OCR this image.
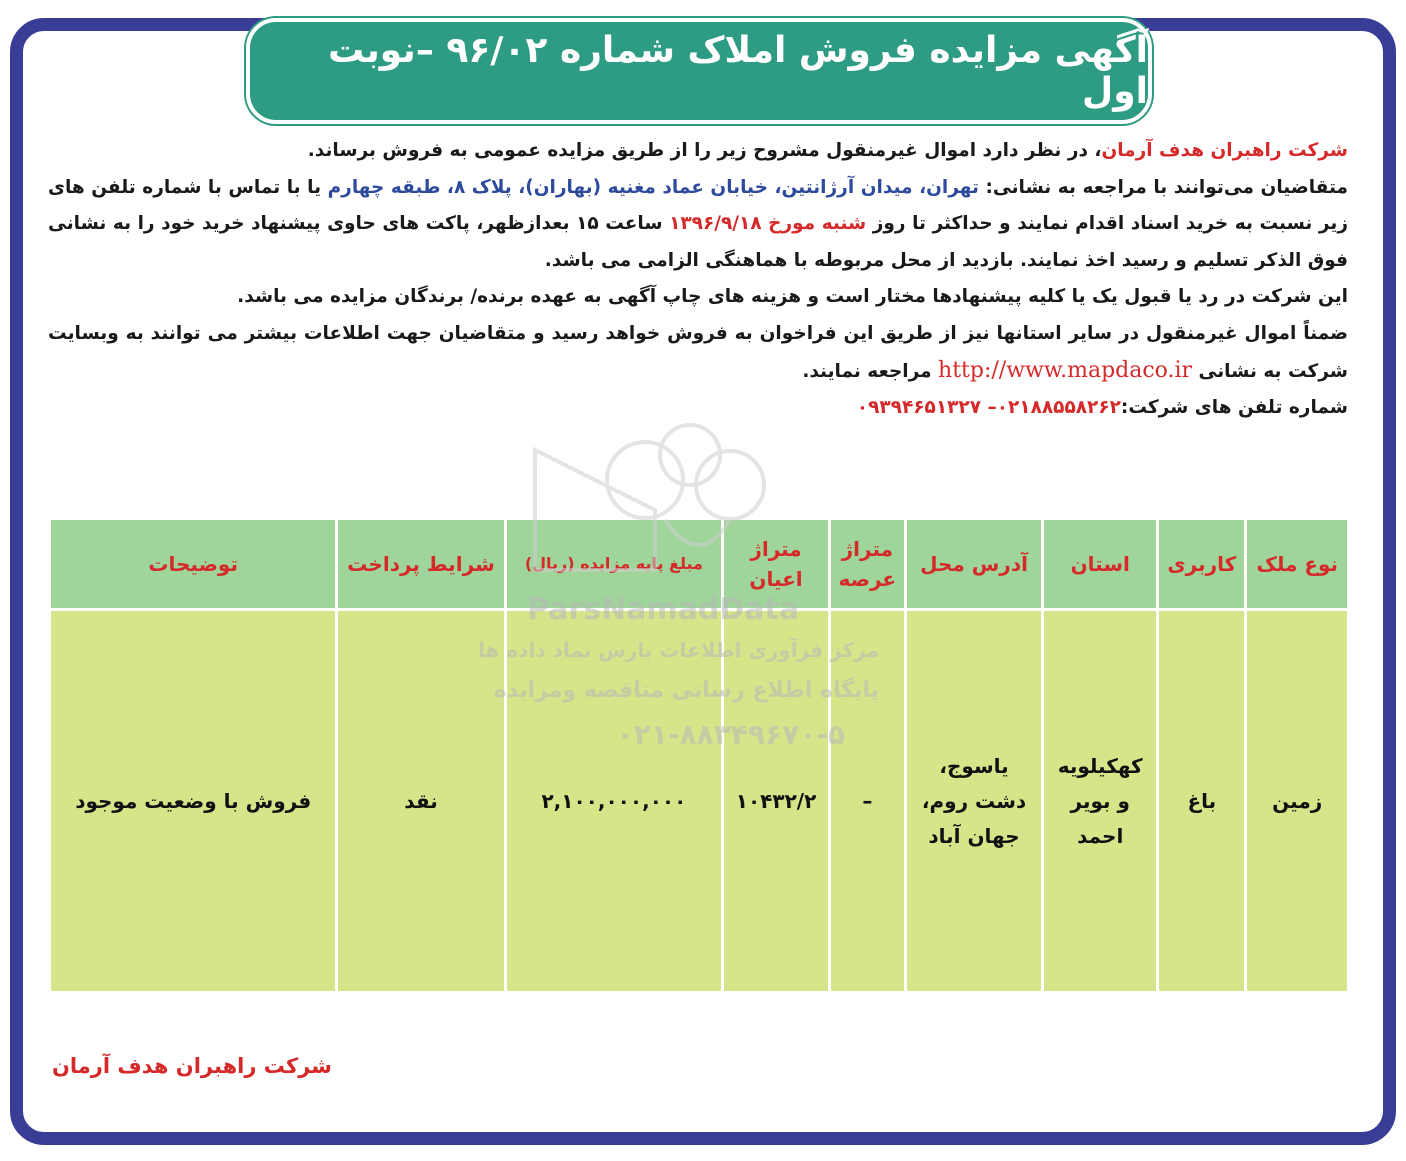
آگهی مزایده فروش املاک شماره ۹۶/۰۲ –نوبت اول

شرکت راهبران هدف آرمان، در نظر دارد اموال غیرمنقول مشروح زیر را از طریق مزایده عمومی به فروش برساند.

متقاضیان می‌توانند با مراجعه به نشانی: تهران، میدان آرژانتین، خیابان عماد مغنیه (بهاران)، پلاک ۸، طبقه چهارم یا با تماس با شماره تلفن های زیر نسبت به خرید اسناد اقدام نمایند و حداکثر تا روز شنبه مورخ ۱۳۹۶/۹/۱۸ ساعت ۱۵ بعدازظهر، پاکت های حاوی پیشنهاد خرید خود را به نشانی فوق الذکر تسلیم و رسید اخذ نمایند. بازدید از محل مربوطه با هماهنگی الزامی می باشد.

این شرکت در رد یا قبول یک یا کلیه پیشنهادها مختار است و هزینه های چاپ آگهی به عهده برنده/ برندگان مزایده می باشد.

ضمناً اموال غیرمنقول در سایر استانها نیز از طریق این فراخوان به فروش خواهد رسید و متقاضیان جهت اطلاعات بیشتر می توانند به وبسایت شرکت به نشانی http://www.mapdaco.ir مراجعه نمایند.

شماره تلفن های شرکت:۰۲۱۸۸۵۵۸۲۶۲– ۰۹۳۹۴۶۵۱۳۲۷

نوع ملک	کاربری	استان	آدرس محل	متراژ عرصه	متراژ اعیان	مبلغ پایه مزایده (ریال)	شرایط پرداخت	توضیحات
زمین	باغ	کهکیلویه و بویر احمد	یاسوج، دشت روم، جهان آباد	–	۱۰۴۳۲/۲	۲,۱۰۰,۰۰۰,۰۰۰	نقد	فروش با وضعیت موجود
ParsNamadData
مرکز فرآوری اطلاعات پارس نماد داده ها
پایگاه اطلاع رسانی مناقصه ومزایده
۰۲۱-۸۸۳۴۹۶۷۰-۵
شرکت راهبران هدف آرمان
